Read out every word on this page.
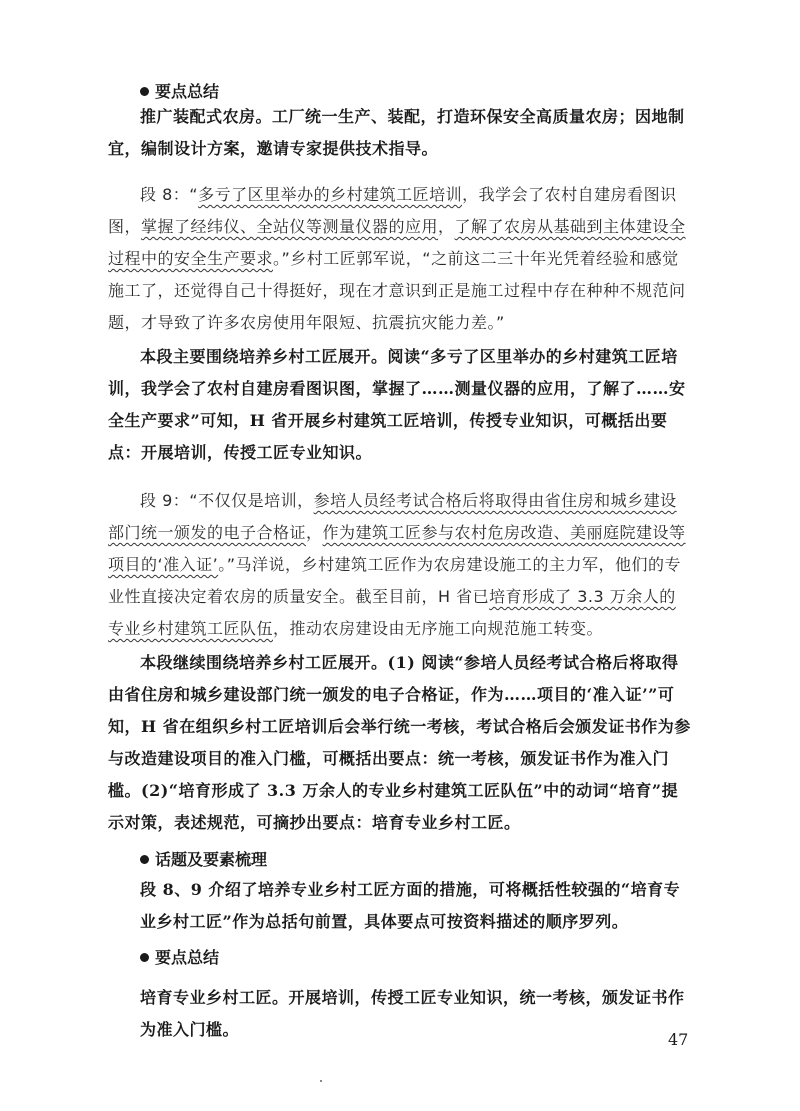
要点总结
推广装配式农房。工厂统一生产、装配，打造环保安全高质量农房；因地制宜，编制设计方案，邀请专家提供技术指导。
段 8：“多亏了区里举办的乡村建筑工匠培训，我学会了农村自建房看图识图，掌握了经纬仪、全站仪等测量仪器的应用，了解了农房从基础到主体建设全过程中的安全生产要求。”乡村工匠郭军说，“之前这二三十年光凭着经验和感觉施工了，还觉得自己十得挺好，现在才意识到正是施工过程中存在种种不规范问题，才导致了许多农房使用年限短、抗震抗灾能力差。”
本段主要围绕培养乡村工匠展开。阅读“多亏了区里举办的乡村建筑工匠培训，我学会了农村自建房看图识图，掌握了……测量仪器的应用，了解了……安全生产要求”可知，H 省开展乡村建筑工匠培训，传授专业知识，可概括出要点：开展培训，传授工匠专业知识。
段 9：“不仅仅是培训，参培人员经考试合格后将取得由省住房和城乡建设部门统一颁发的电子合格证，作为建筑工匠参与农村危房改造、美丽庭院建设等项目的‘准入证’。”马洋说，乡村建筑工匠作为农房建设施工的主力军，他们的专业性直接决定着农房的质量安全。截至目前，H 省已培育形成了 3.3 万余人的专业乡村建筑工匠队伍，推动农房建设由无序施工向规范施工转变。
本段继续围绕培养乡村工匠展开。(1) 阅读“参培人员经考试合格后将取得由省住房和城乡建设部门统一颁发的电子合格证，作为……项目的‘准入证’”可知，H 省在组织乡村工匠培训后会举行统一考核，考试合格后会颁发证书作为参与改造建设项目的准入门槛，可概括出要点：统一考核，颁发证书作为准入门槛。(2)“培育形成了 3.3 万余人的专业乡村建筑工匠队伍”中的动词“培育”提示对策，表述规范，可摘抄出要点：培育专业乡村工匠。
话题及要素梳理
段 8、9 介绍了培养专业乡村工匠方面的措施，可将概括性较强的“培育专业乡村工匠”作为总括句前置，具体要点可按资料描述的顺序罗列。
要点总结
培育专业乡村工匠。开展培训，传授工匠专业知识，统一考核，颁发证书作为准入门槛。
47
